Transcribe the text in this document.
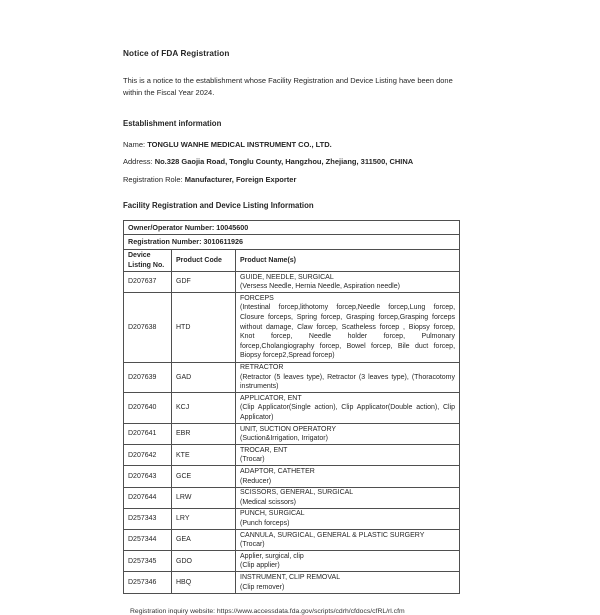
Notice of FDA Registration

This is a notice to the establishment whose Facility Registration and Device Listing have been done within the Fiscal Year 2024.

Establishment information
Name: TONGLU WANHE MEDICAL INSTRUMENT CO., LTD.
Address: No.328 Gaojia Road, Tonglu County, Hangzhou, Zhejiang, 311500, CHINA
Registration Role: Manufacturer, Foreign Exporter
Facility Registration and Device Listing Information
Owner/Operator Number: 10045600		
Registration Number: 3010611926		
Device Listing No.	Product Code	Product Name(s)
D207637	GDF	GUIDE, NEEDLE, SURGICAL
(Versess Needle, Hernia Needle, Aspiration needle)

D207638	HTD	FORCEPS
(Intestinal forcep,lithotomy forcep,Needle forcep,Lung forcep, Closure forceps, Spring forcep, Grasping forcep,Grasping forceps without damage, Claw forcep, Scatheless forcep , Biopsy forcep, Knot forcep, Needle holder forcep, Pulmonary forcep,Cholangiography forcep, Bowel forcep, Bile duct forcep, Biopsy forcep2,Spread forcep)

D207639	GAD	RETRACTOR
(Retractor (5 leaves type), Retractor (3 leaves type), (Thoracotomy instruments)

D207640	KCJ	APPLICATOR, ENT
(Clip Applicator(Single action), Clip Applicator(Double action), Clip Applicator)

D207641	EBR	UNIT, SUCTION OPERATORY
(Suction&Irrigation, Irrigator)

D207642	KTE	TROCAR, ENT
(Trocar)

D207643	GCE	ADAPTOR, CATHETER
(Reducer)

D207644	LRW	SCISSORS, GENERAL, SURGICAL
(Medical scissors)

D257343	LRY	PUNCH, SURGICAL
(Punch forceps)

D257344	GEA	CANNULA, SURGICAL, GENERAL & PLASTIC SURGERY
(Trocar)

D257345	GDO	Applier, surgical, clip
(Clip applier)

D257346	HBQ	INSTRUMENT, CLIP REMOVAL
(Clip remover)
Registration inquiry website: https://www.accessdata.fda.gov/scripts/cdrh/cfdocs/cfRL/rl.cfm
